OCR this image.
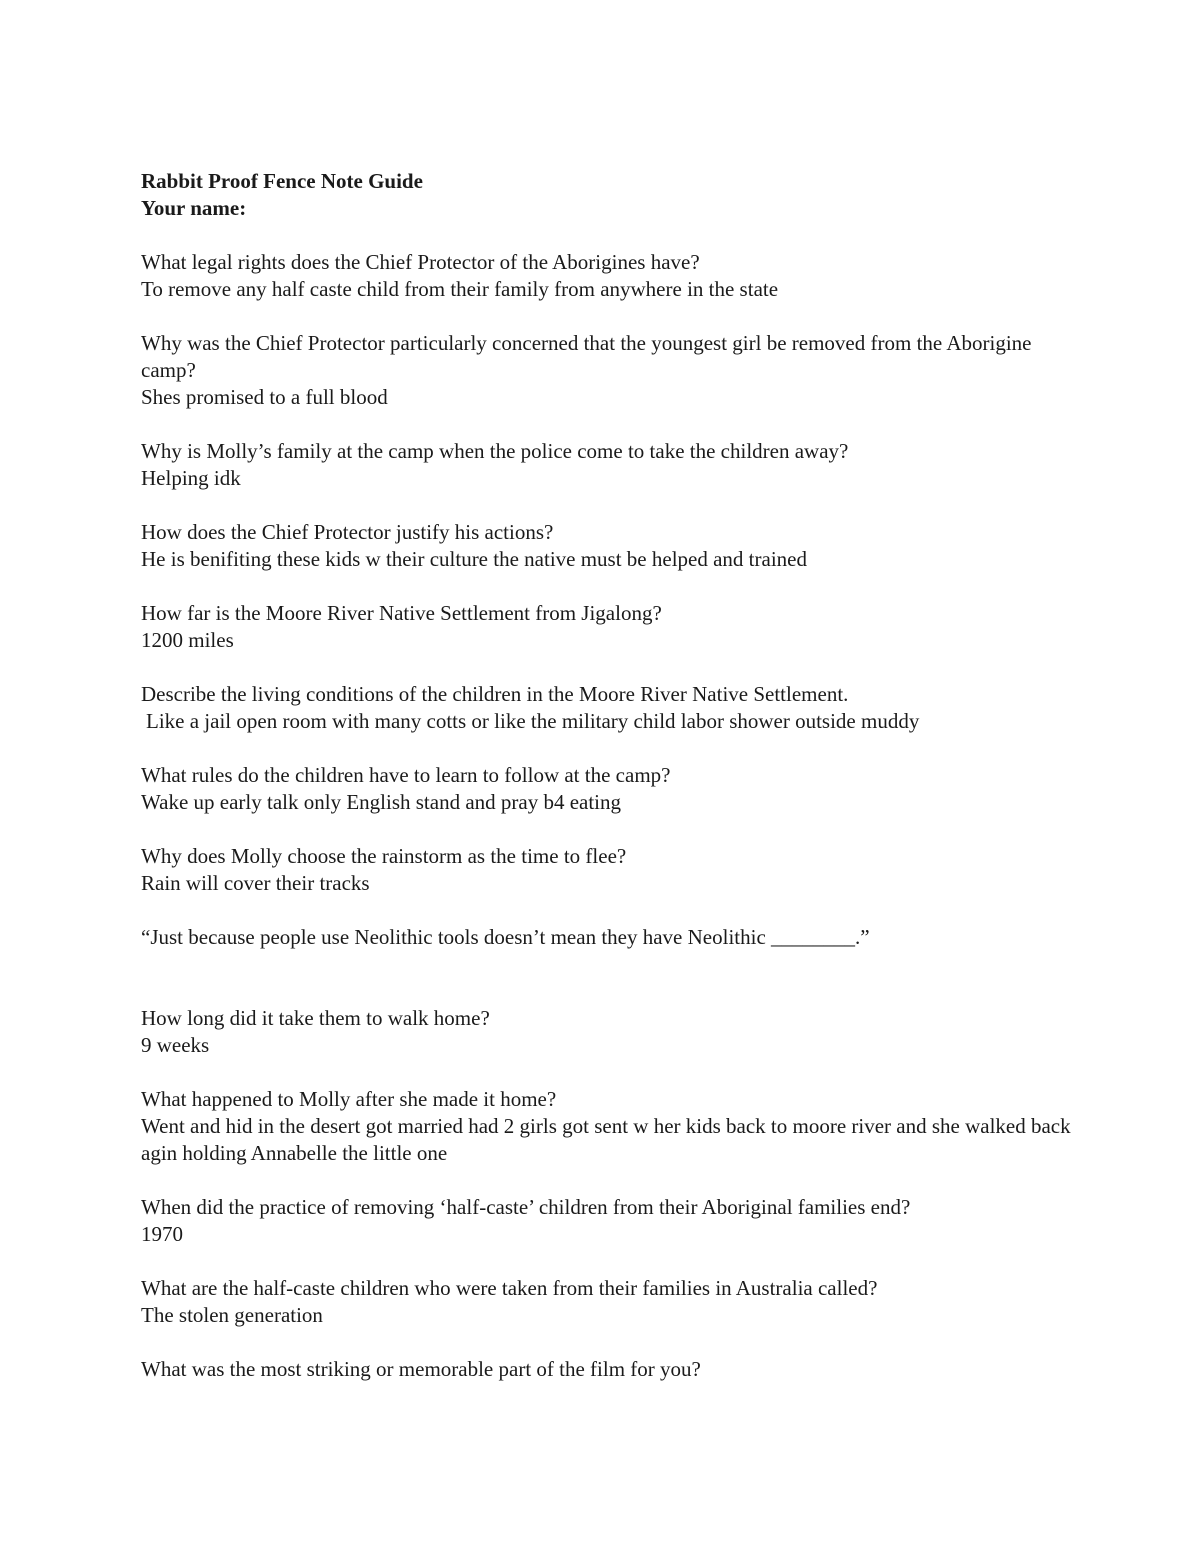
Rabbit Proof Fence Note Guide

Your name:

What legal rights does the Chief Protector of the Aborigines have?

To remove any half caste child from their family from anywhere in the state

Why was the Chief Protector particularly concerned that the youngest girl be removed from the Aborigine camp?

Shes promised to a full blood

Why is Molly’s family at the camp when the police come to take the children away?

Helping idk

How does the Chief Protector justify his actions?

He is benifiting these kids w their culture the native must be helped and trained

How far is the Moore River Native Settlement from Jigalong?

1200 miles

Describe the living conditions of the children in the Moore River Native Settlement.

Like a jail open room with many cotts or like the military child labor shower outside muddy

What rules do the children have to learn to follow at the camp?

Wake up early talk only English stand and pray b4 eating

Why does Molly choose the rainstorm as the time to flee?

Rain will cover their tracks

“Just because people use Neolithic tools doesn’t mean they have Neolithic ________.”

How long did it take them to walk home?

9 weeks

What happened to Molly after she made it home?

Went and hid in the desert got married had 2 girls got sent w her kids back to moore river and she walked back agin holding Annabelle the little one

When did the practice of removing ‘half-caste’ children from their Aboriginal families end?

1970

What are the half-caste children who were taken from their families in Australia called?

The stolen generation

What was the most striking or memorable part of the film for you?
